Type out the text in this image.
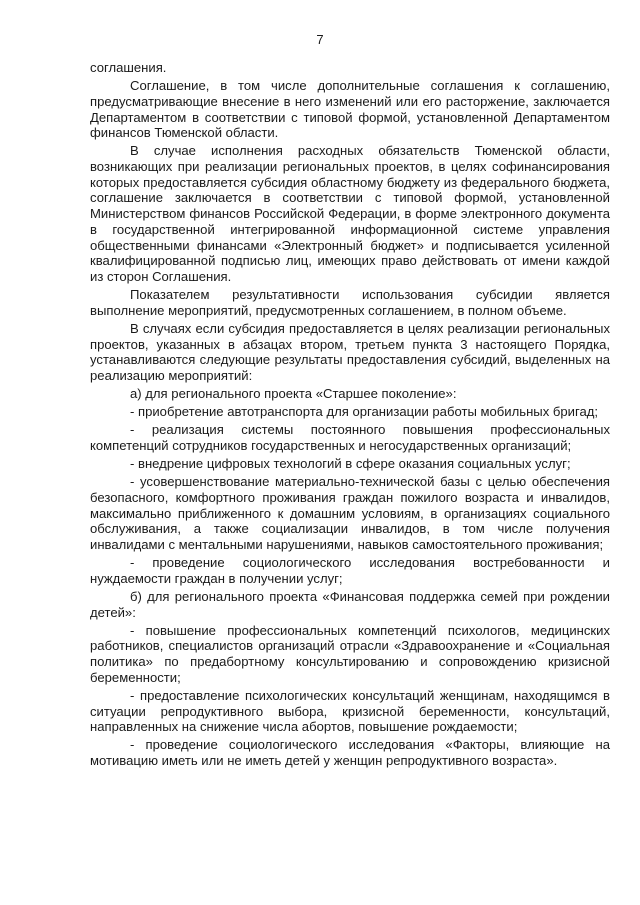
7

соглашения.

Соглашение, в том числе дополнительные соглашения к соглашению, предусматривающие внесение в него изменений или его расторжение, заключается Департаментом в соответствии с типовой формой, установленной Департаментом финансов Тюменской области.

В случае исполнения расходных обязательств Тюменской области, возникающих при реализации региональных проектов, в целях софинансирования которых предоставляется субсидия областному бюджету из федерального бюджета, соглашение заключается в соответствии с типовой формой, установленной Министерством финансов Российской Федерации, в форме электронного документа в государственной интегрированной информационной системе управления общественными финансами «Электронный бюджет» и подписывается усиленной квалифицированной подписью лиц, имеющих право действовать от имени каждой из сторон Соглашения.

Показателем результативности использования субсидии является выполнение мероприятий, предусмотренных соглашением, в полном объеме.

В случаях если субсидия предоставляется в целях реализации региональных проектов, указанных в абзацах втором, третьем пункта 3 настоящего Порядка, устанавливаются следующие результаты предоставления субсидий, выделенных на реализацию мероприятий:

а) для регионального проекта «Старшее поколение»:

- приобретение автотранспорта для организации работы мобильных бригад;

- реализация системы постоянного повышения профессиональных компетенций сотрудников государственных и негосударственных организаций;

- внедрение цифровых технологий в сфере оказания социальных услуг;

- усовершенствование материально-технической базы с целью обеспечения безопасного, комфортного проживания граждан пожилого возраста и инвалидов, максимально приближенного к домашним условиям, в организациях социального обслуживания, а также социализации инвалидов, в том числе получения инвалидами с ментальными нарушениями, навыков самостоятельного проживания;

- проведение социологического исследования востребованности и нуждаемости граждан в получении услуг;

б) для регионального проекта «Финансовая поддержка семей при рождении детей»:

- повышение профессиональных компетенций психологов, медицинских работников, специалистов организаций отрасли «Здравоохранение и «Социальная политика» по предабортному консультированию и сопровождению кризисной беременности;

- предоставление психологических консультаций женщинам, находящимся в ситуации репродуктивного выбора, кризисной беременности, консультаций, направленных на снижение числа абортов, повышение рождаемости;

- проведение социологического исследования «Факторы, влияющие на мотивацию иметь или не иметь детей у женщин репродуктивного возраста».
